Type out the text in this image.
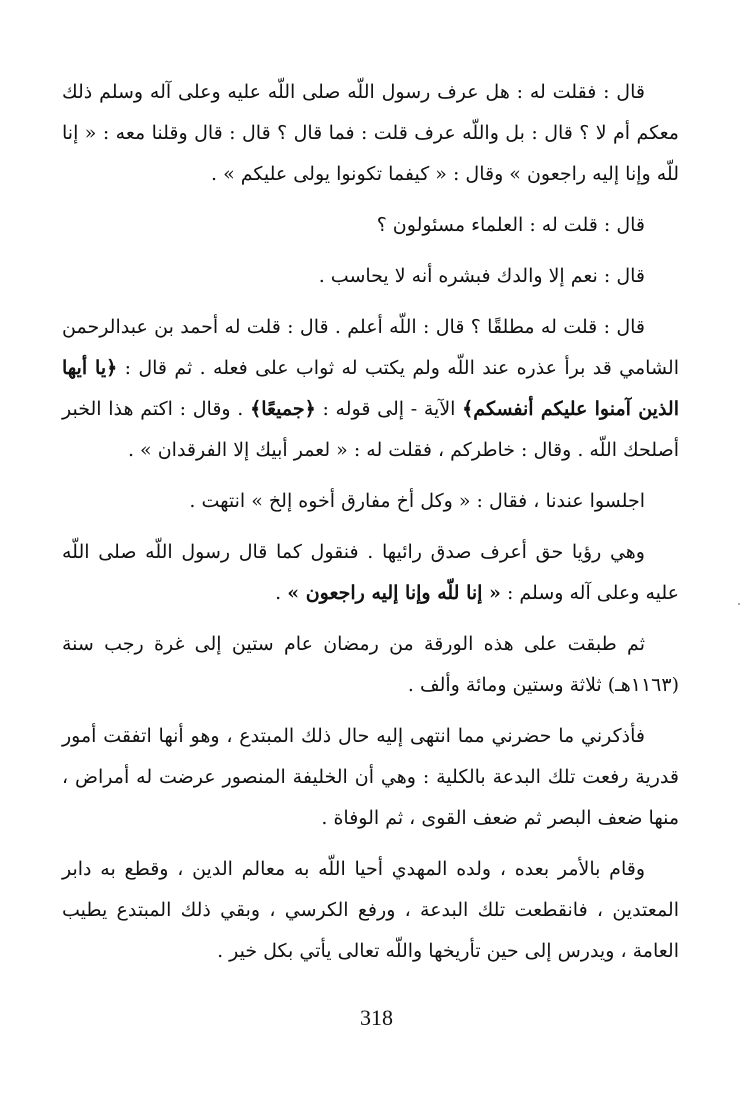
قال : فقلت له : هل عرف رسول اللّه صلى اللّه عليه وعلى آله وسلم ذلك معكم أم لا ؟ قال : بل واللّه عرف قلت : فما قال ؟ قال : قال وقلنا معه : « إنا للّه وإنا إليه راجعون » وقال : « كيفما تكونوا يولى عليكم » .

قال : قلت له : العلماء مسئولون ؟

قال : نعم إلا والدك فبشره أنه لا يحاسب .

قال : قلت له مطلقًا ؟ قال : اللّه أعلم . قال : قلت له أحمد بن عبدالرحمن الشامي قد برأ عذره عند اللّه ولم يكتب له ثواب على فعله . ثم قال : ﴿يا أيها الذين آمنوا عليكم أنفسكم﴾ الآية - إلى قوله : ﴿جميعًا﴾ . وقال : اكتم هذا الخبر أصلحك اللّه . وقال : خاطركم ، فقلت له : « لعمر أبيك إلا الفرقدان » .

اجلسوا عندنا ، فقال : « وكل أخ مفارق أخوه إلخ » انتهت .

وهي رؤيا حق أعرف صدق رائيها . فنقول كما قال رسول اللّه صلى اللّه عليه وعلى آله وسلم : « إنا للّه وإنا إليه راجعون » .

ثم طبقت على هذه الورقة من رمضان عام ستين إلى غرة رجب سنة (١١٦٣هـ) ثلاثة وستين ومائة وألف .

فأذكرني ما حضرني مما انتهى إليه حال ذلك المبتدع ، وهو أنها اتفقت أمور قدرية رفعت تلك البدعة بالكلية : وهي أن الخليفة المنصور عرضت له أمراض ، منها ضعف البصر ثم ضعف القوى ، ثم الوفاة .

وقام بالأمر بعده ، ولده المهدي أحيا اللّه به معالم الدين ، وقطع به دابر المعتدين ، فانقطعت تلك البدعة ، ورفع الكرسي ، وبقي ذلك المبتدع يطيب العامة ، ويدرس إلى حين تأريخها واللّه تعالى يأتي بكل خير .

318
